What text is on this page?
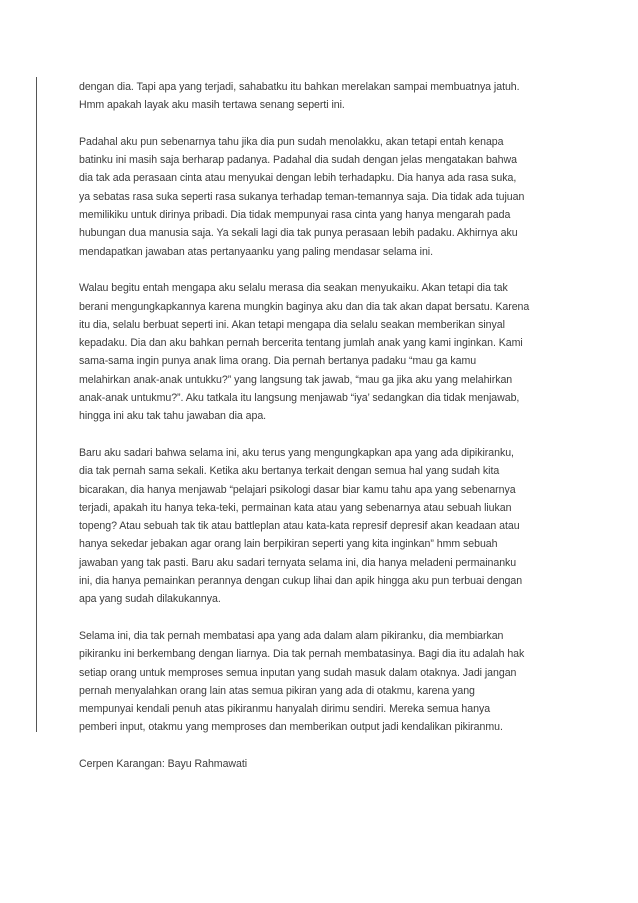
dengan dia. Tapi apa yang terjadi, sahabatku itu bahkan merelakan sampai membuatnya jatuh.
Hmm apakah layak aku masih tertawa senang seperti ini.

Padahal aku pun sebenarnya tahu jika dia pun sudah menolakku, akan tetapi entah kenapa
batinku ini masih saja berharap padanya. Padahal dia sudah dengan jelas mengatakan bahwa
dia tak ada perasaan cinta atau menyukai dengan lebih terhadapku. Dia hanya ada rasa suka,
ya sebatas rasa suka seperti rasa sukanya terhadap teman-temannya saja. Dia tidak ada tujuan
memilikiku untuk dirinya pribadi. Dia tidak mempunyai rasa cinta yang hanya mengarah pada
hubungan dua manusia saja. Ya sekali lagi dia tak punya perasaan lebih padaku. Akhirnya aku
mendapatkan jawaban atas pertanyaanku yang paling mendasar selama ini.

Walau begitu entah mengapa aku selalu merasa dia seakan menyukaiku. Akan tetapi dia tak
berani mengungkapkannya karena mungkin baginya aku dan dia tak akan dapat bersatu. Karena
itu dia, selalu berbuat seperti ini. Akan tetapi mengapa dia selalu seakan memberikan sinyal
kepadaku. Dia dan aku bahkan pernah bercerita tentang jumlah anak yang kami inginkan. Kami
sama-sama ingin punya anak lima orang. Dia pernah bertanya padaku “mau ga kamu
melahirkan anak-anak untukku?” yang langsung tak jawab, “mau ga jika aku yang melahirkan
anak-anak untukmu?”. Aku tatkala itu langsung menjawab “iya’ sedangkan dia tidak menjawab,
hingga ini aku tak tahu jawaban dia apa.

Baru aku sadari bahwa selama ini, aku terus yang mengungkapkan apa yang ada dipikiranku,
dia tak pernah sama sekali. Ketika aku bertanya terkait dengan semua hal yang sudah kita
bicarakan, dia hanya menjawab “pelajari psikologi dasar biar kamu tahu apa yang sebenarnya
terjadi, apakah itu hanya teka-teki, permainan kata atau yang sebenarnya atau sebuah liukan
topeng? Atau sebuah tak tik atau battleplan atau kata-kata represif depresif akan keadaan atau
hanya sekedar jebakan agar orang lain berpikiran seperti yang kita inginkan” hmm sebuah
jawaban yang tak pasti. Baru aku sadari ternyata selama ini, dia hanya meladeni permainanku
ini, dia hanya pemainkan perannya dengan cukup lihai dan apik hingga aku pun terbuai dengan
apa yang sudah dilakukannya.

Selama ini, dia tak pernah membatasi apa yang ada dalam alam pikiranku, dia membiarkan
pikiranku ini berkembang dengan liarnya. Dia tak pernah membatasinya. Bagi dia itu adalah hak
setiap orang untuk memproses semua inputan yang sudah masuk dalam otaknya. Jadi jangan
pernah menyalahkan orang lain atas semua pikiran yang ada di otakmu, karena yang
mempunyai kendali penuh atas pikiranmu hanyalah dirimu sendiri. Mereka semua hanya
pemberi input, otakmu yang memproses dan memberikan output jadi kendalikan pikiranmu.

Cerpen Karangan: Bayu Rahmawati
